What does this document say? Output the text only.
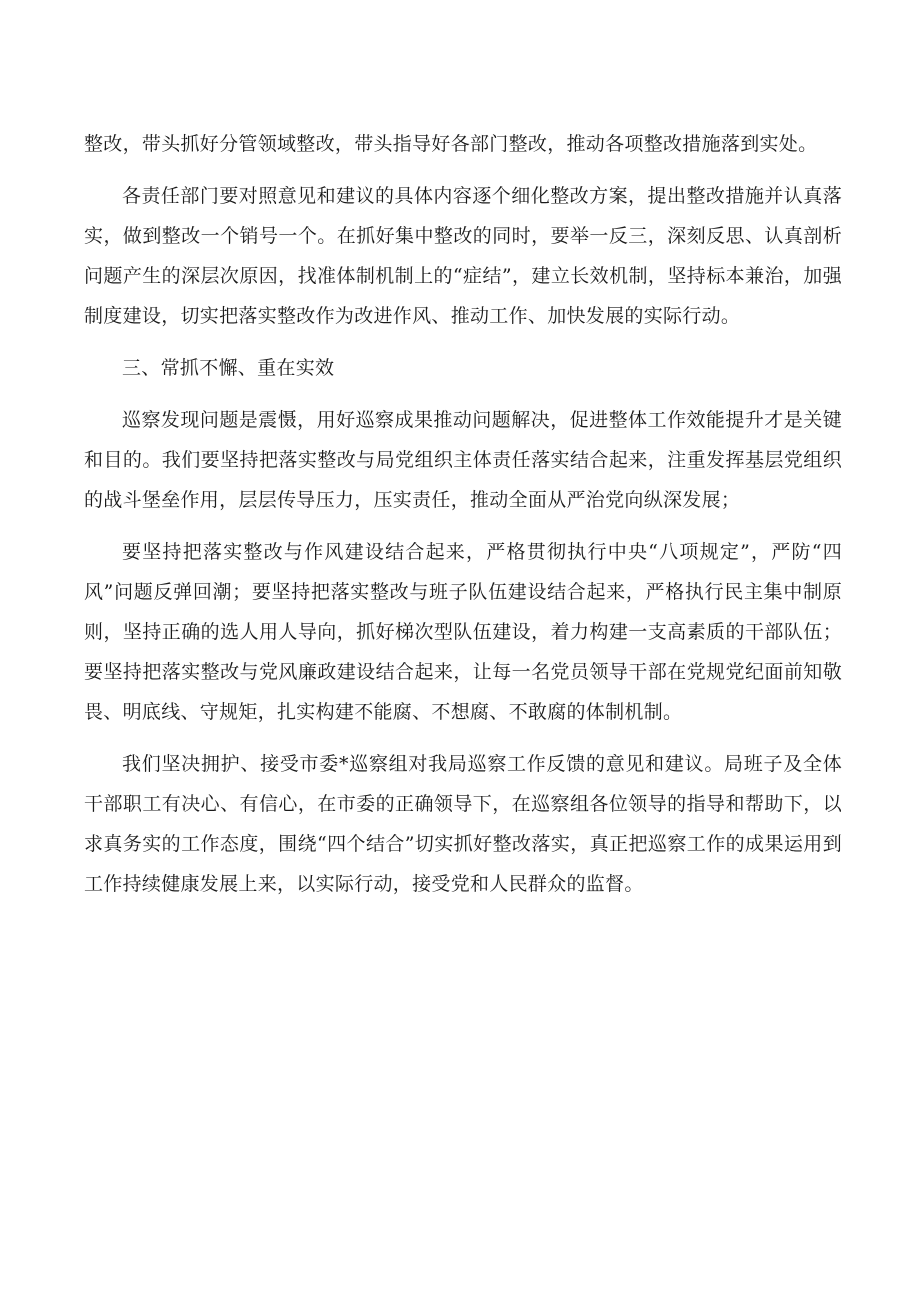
整改，带头抓好分管领域整改，带头指导好各部门整改，推动各项整改措施落到实处。

各责任部门要对照意见和建议的具体内容逐个细化整改方案，提出整改措施并认真落实，做到整改一个销号一个。在抓好集中整改的同时，要举一反三，深刻反思、认真剖析问题产生的深层次原因，找准体制机制上的“症结”，建立长效机制，坚持标本兼治，加强制度建设，切实把落实整改作为改进作风、推动工作、加快发展的实际行动。

三、常抓不懈、重在实效

巡察发现问题是震慑，用好巡察成果推动问题解决，促进整体工作效能提升才是关键和目的。我们要坚持把落实整改与局党组织主体责任落实结合起来，注重发挥基层党组织的战斗堡垒作用，层层传导压力，压实责任，推动全面从严治党向纵深发展；

要坚持把落实整改与作风建设结合起来，严格贯彻执行中央“八项规定”，严防“四风”问题反弹回潮；要坚持把落实整改与班子队伍建设结合起来，严格执行民主集中制原则，坚持正确的选人用人导向，抓好梯次型队伍建设，着力构建一支高素质的干部队伍；要坚持把落实整改与党风廉政建设结合起来，让每一名党员领导干部在党规党纪面前知敬畏、明底线、守规矩，扎实构建不能腐、不想腐、不敢腐的体制机制。

我们坚决拥护、接受市委*巡察组对我局巡察工作反馈的意见和建议。局班子及全体干部职工有决心、有信心，在市委的正确领导下，在巡察组各位领导的指导和帮助下，以求真务实的工作态度，围绕“四个结合”切实抓好整改落实，真正把巡察工作的成果运用到工作持续健康发展上来，以实际行动，接受党和人民群众的监督。
